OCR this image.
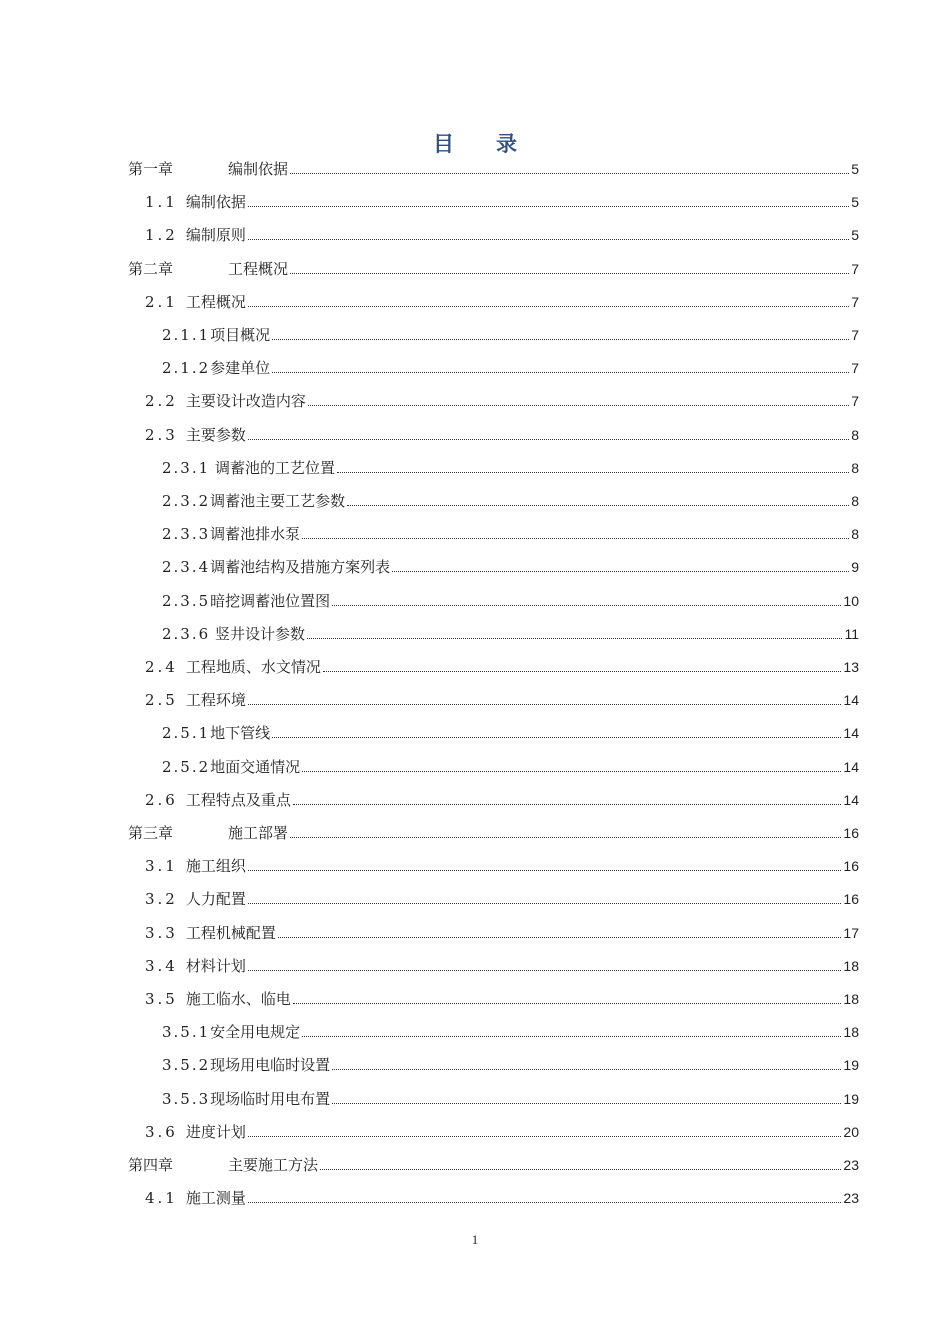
目录
第一章	编制依据	5
1.1 编制依据	5
1.2 编制原则	5
第二章	工程概况	7
2.1 工程概况	7
2.1.1 项目概况	7
2.1.2 参建单位	7
2.2 主要设计改造内容	7
2.3 主要参数	8
2.3.1 调蓄池的工艺位置	8
2.3.2 调蓄池主要工艺参数	8
2.3.3 调蓄池排水泵	8
2.3.4 调蓄池结构及措施方案列表	9
2.3.5 暗挖调蓄池位置图	10
2.3.6 竖井设计参数	11
2.4 工程地质、水文情况	13
2.5 工程环境	14
2.5.1 地下管线	14
2.5.2 地面交通情况	14
2.6 工程特点及重点	14
第三章	施工部署	16
3.1 施工组织	16
3.2 人力配置	16
3.3 工程机械配置	17
3.4 材料计划	18
3.5 施工临水、临电	18
3.5.1 安全用电规定	18
3.5.2 现场用电临时设置	19
3.5.3 现场临时用电布置	19
3.6 进度计划	20
第四章	主要施工方法	23
4.1 施工测量	23
1
